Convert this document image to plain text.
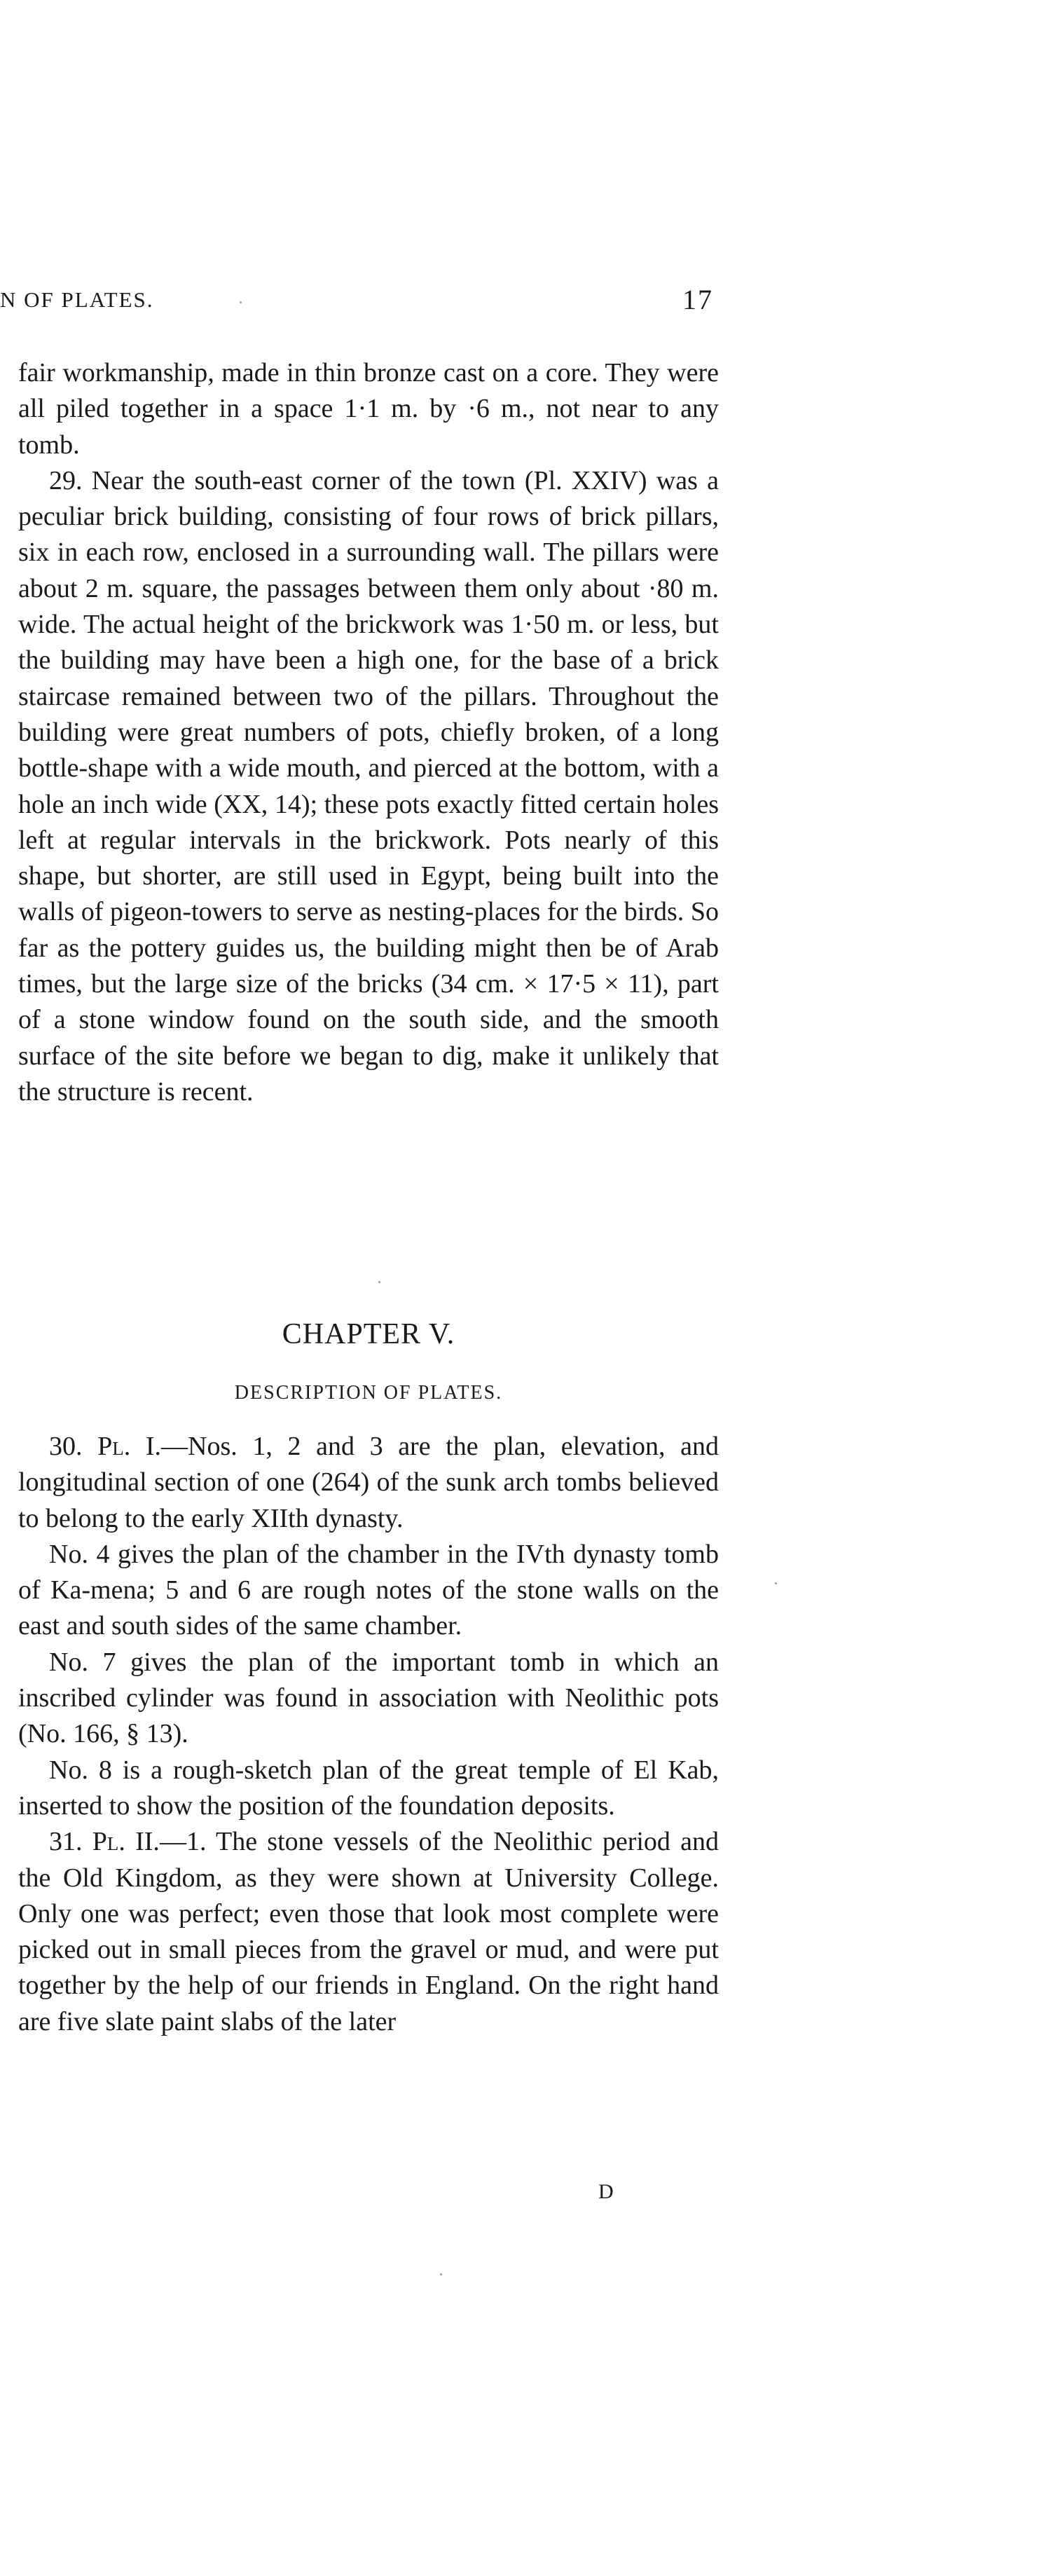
N OF PLATES.	17

fair workmanship, made in thin bronze cast on a core. They were all piled together in a space 1·1 m. by ·6 m., not near to any tomb.

29. Near the south-east corner of the town (Pl. XXIV) was a peculiar brick building, consisting of four rows of brick pillars, six in each row, enclosed in a surrounding wall. The pillars were about 2 m. square, the passages between them only about ·80 m. wide. The actual height of the brickwork was 1·50 m. or less, but the building may have been a high one, for the base of a brick staircase remained between two of the pillars. Throughout the building were great numbers of pots, chiefly broken, of a long bottle-shape with a wide mouth, and pierced at the bottom, with a hole an inch wide (XX, 14); these pots exactly fitted certain holes left at regular intervals in the brickwork. Pots nearly of this shape, but shorter, are still used in Egypt, being built into the walls of pigeon-towers to serve as nesting-places for the birds. So far as the pottery guides us, the building might then be of Arab times, but the large size of the bricks (34 cm. × 17·5 × 11), part of a stone window found on the south side, and the smooth surface of the site before we began to dig, make it unlikely that the structure is recent.

CHAPTER V.
DESCRIPTION OF PLATES.

30. Pl. I.—Nos. 1, 2 and 3 are the plan, elevation, and longitudinal section of one (264) of the sunk arch tombs believed to belong to the early XIIth dynasty.

No. 4 gives the plan of the chamber in the IVth dynasty tomb of Ka-mena; 5 and 6 are rough notes of the stone walls on the east and south sides of the same chamber.

No. 7 gives the plan of the important tomb in which an inscribed cylinder was found in association with Neolithic pots (No. 166, § 13).

No. 8 is a rough-sketch plan of the great temple of El Kab, inserted to show the position of the foundation deposits.

31. Pl. II.—1. The stone vessels of the Neolithic period and the Old Kingdom, as they were shown at University College. Only one was perfect; even those that look most complete were picked out in small pieces from the gravel or mud, and were put together by the help of our friends in England. On the right hand are five slate paint slabs of the later

D
